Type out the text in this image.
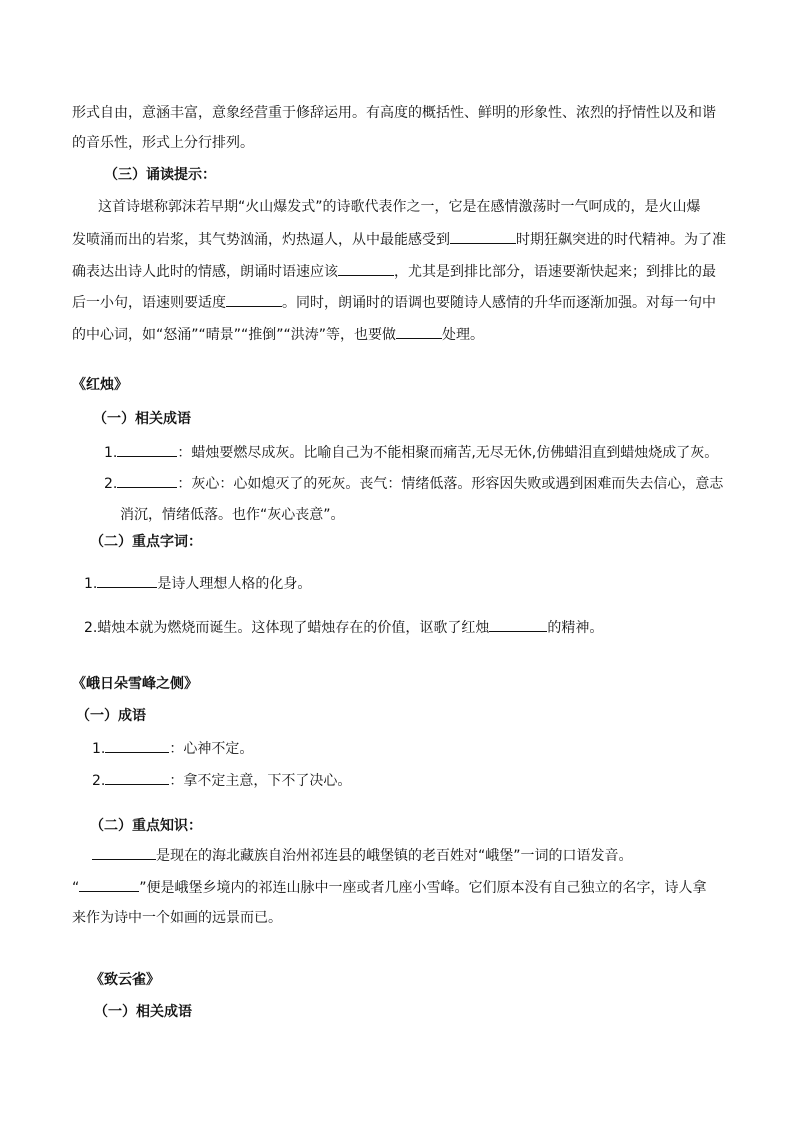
形式自由，意涵丰富，意象经营重于修辞运用。有高度的概括性、鲜明的形象性、浓烈的抒情性以及和谐
的音乐性，形式上分行排列。
（三）诵读提示：
这首诗堪称郭沫若早期“火山爆发式”的诗歌代表作之一，它是在感情激荡时一气呵成的，是火山爆
发喷涌而出的岩浆，其气势汹涌，灼热逼人，从中最能感受到	时期狂飙突进的时代精神。为了准
确表达出诗人此时的情感，朗诵时语速应该	，尤其是到排比部分，语速要渐快起来；到排比的最
后一小句，语速则要适度	。同时，朗诵时的语调也要随诗人感情的升华而逐渐加强。对每一句中
的中心词，如“怒涌”“晴景”“推倒”“洪涛”等，也要做	处理。
《红烛》
（一）相关成语
1.	：蜡烛要燃尽成灰。比喻自己为不能相聚而痛苦,无尽无休,仿佛蜡泪直到蜡烛烧成了灰。
2.	：灰心：心如熄灭了的死灰。丧气：情绪低落。形容因失败或遇到困难而失去信心，意志
消沉，情绪低落。也作“灰心丧意”。
（二）重点字词：
1.	是诗人理想人格的化身。
2.蜡烛本就为燃烧而诞生。这体现了蜡烛存在的价值，讴歌了红烛	的精神。
《峨日朵雪峰之侧》
（一）成语
1.	：心神不定。
2.	：拿不定主意，下不了决心。
（二）重点知识：
是现在的海北藏族自治州祁连县的峨堡镇的老百姓对“峨堡”一词的口语发音。
“	”便是峨堡乡境内的祁连山脉中一座或者几座小雪峰。它们原本没有自己独立的名字，诗人拿
来作为诗中一个如画的远景而已。
《致云雀》
（一）相关成语
